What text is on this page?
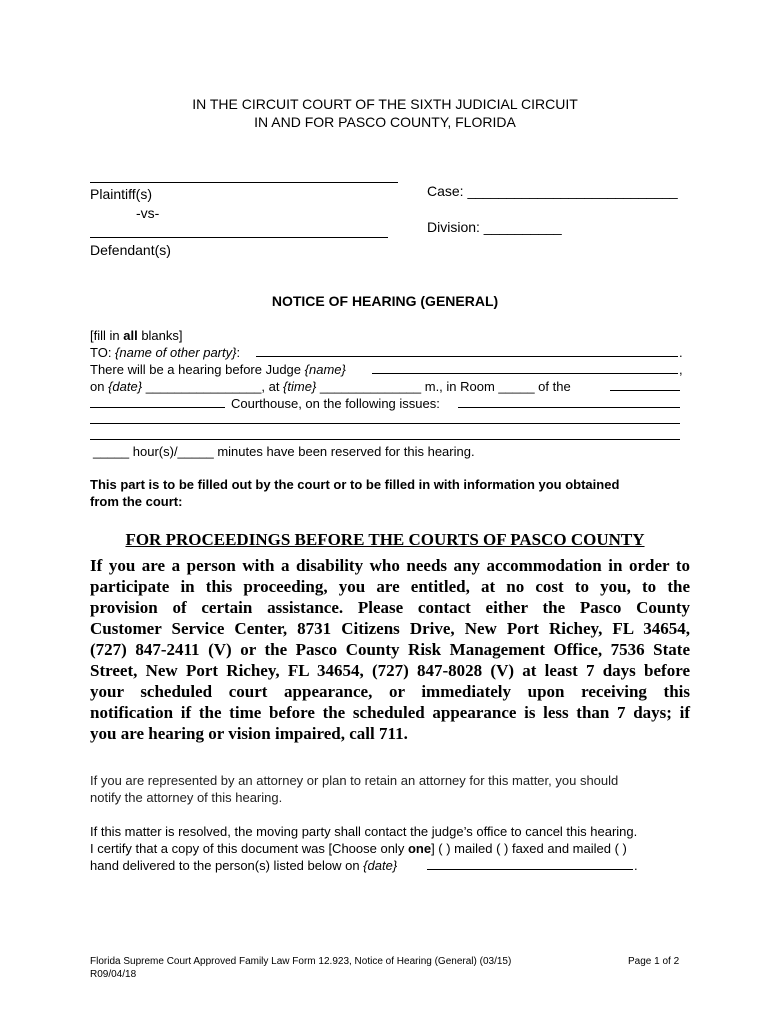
IN THE CIRCUIT COURT OF THE SIXTH JUDICIAL CIRCUIT
IN AND FOR PASCO COUNTY, FLORIDA
Plaintiff(s)
-vs-
Defendant(s)
Case: ___________________________
Division: __________
NOTICE OF HEARING (GENERAL)
[fill in all blanks]
TO: {name of other party}:	.
There will be a hearing before Judge {name}	,
on {date} ________________, at {time} ______________ m., in Room _____ of the
Courthouse, on the following issues:
_____ hour(s)/_____ minutes have been reserved for this hearing.
This part is to be filled out by the court or to be filled in with information you obtained
from the court:
FOR PROCEEDINGS BEFORE THE COURTS OF PASCO COUNTY
If you are a person with a disability who needs any accommodation in order to
participate in this proceeding, you are entitled, at no cost to you, to the
provision of certain assistance. Please contact either the Pasco County
Customer Service Center, 8731 Citizens Drive, New Port Richey, FL 34654,
(727) 847-2411 (V) or the Pasco County Risk Management Office, 7536 State
Street, New Port Richey, FL 34654, (727) 847-8028 (V) at least 7 days before
your scheduled court appearance, or immediately upon receiving this
notification if the time before the scheduled appearance is less than 7 days; if
you are hearing or vision impaired, call 711.
If you are represented by an attorney or plan to retain an attorney for this matter, you should
notify the attorney of this hearing.
If this matter is resolved, the moving party shall contact the judge’s office to cancel this hearing.
I certify that a copy of this document was [Choose only one] ( ) mailed ( ) faxed and mailed ( )
hand delivered to the person(s) listed below on {date}	.
Florida Supreme Court Approved Family Law Form 12.923, Notice of Hearing (General) (03/15)
R09/04/18
Page 1 of 2
